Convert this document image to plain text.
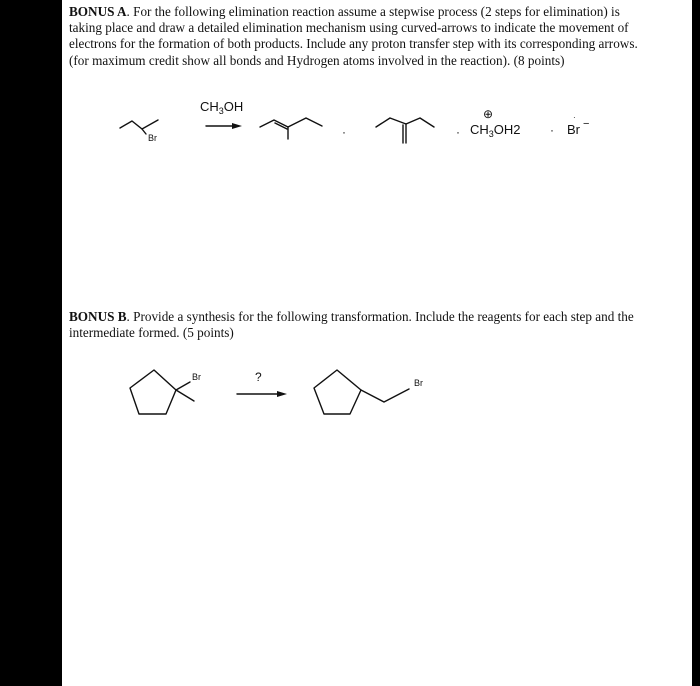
BONUS A. For the following elimination reaction assume a stepwise process (2 steps for elimination) is taking place and draw a detailed elimination mechanism using curved-arrows to indicate the movement of electrons for the formation of both products. Include any proton transfer step with its corresponding arrows. (for maximum credit show all bonds and Hydrogen atoms involved in the reaction). (8 points)
Br
$CH_3OH$
·	·
⊕
$CH_3OH2 \cdot Br$ −
·
Br	?	Br
BONUS B. Provide a synthesis for the following transformation. Include the reagents for each step and the intermediate formed. (5 points)
